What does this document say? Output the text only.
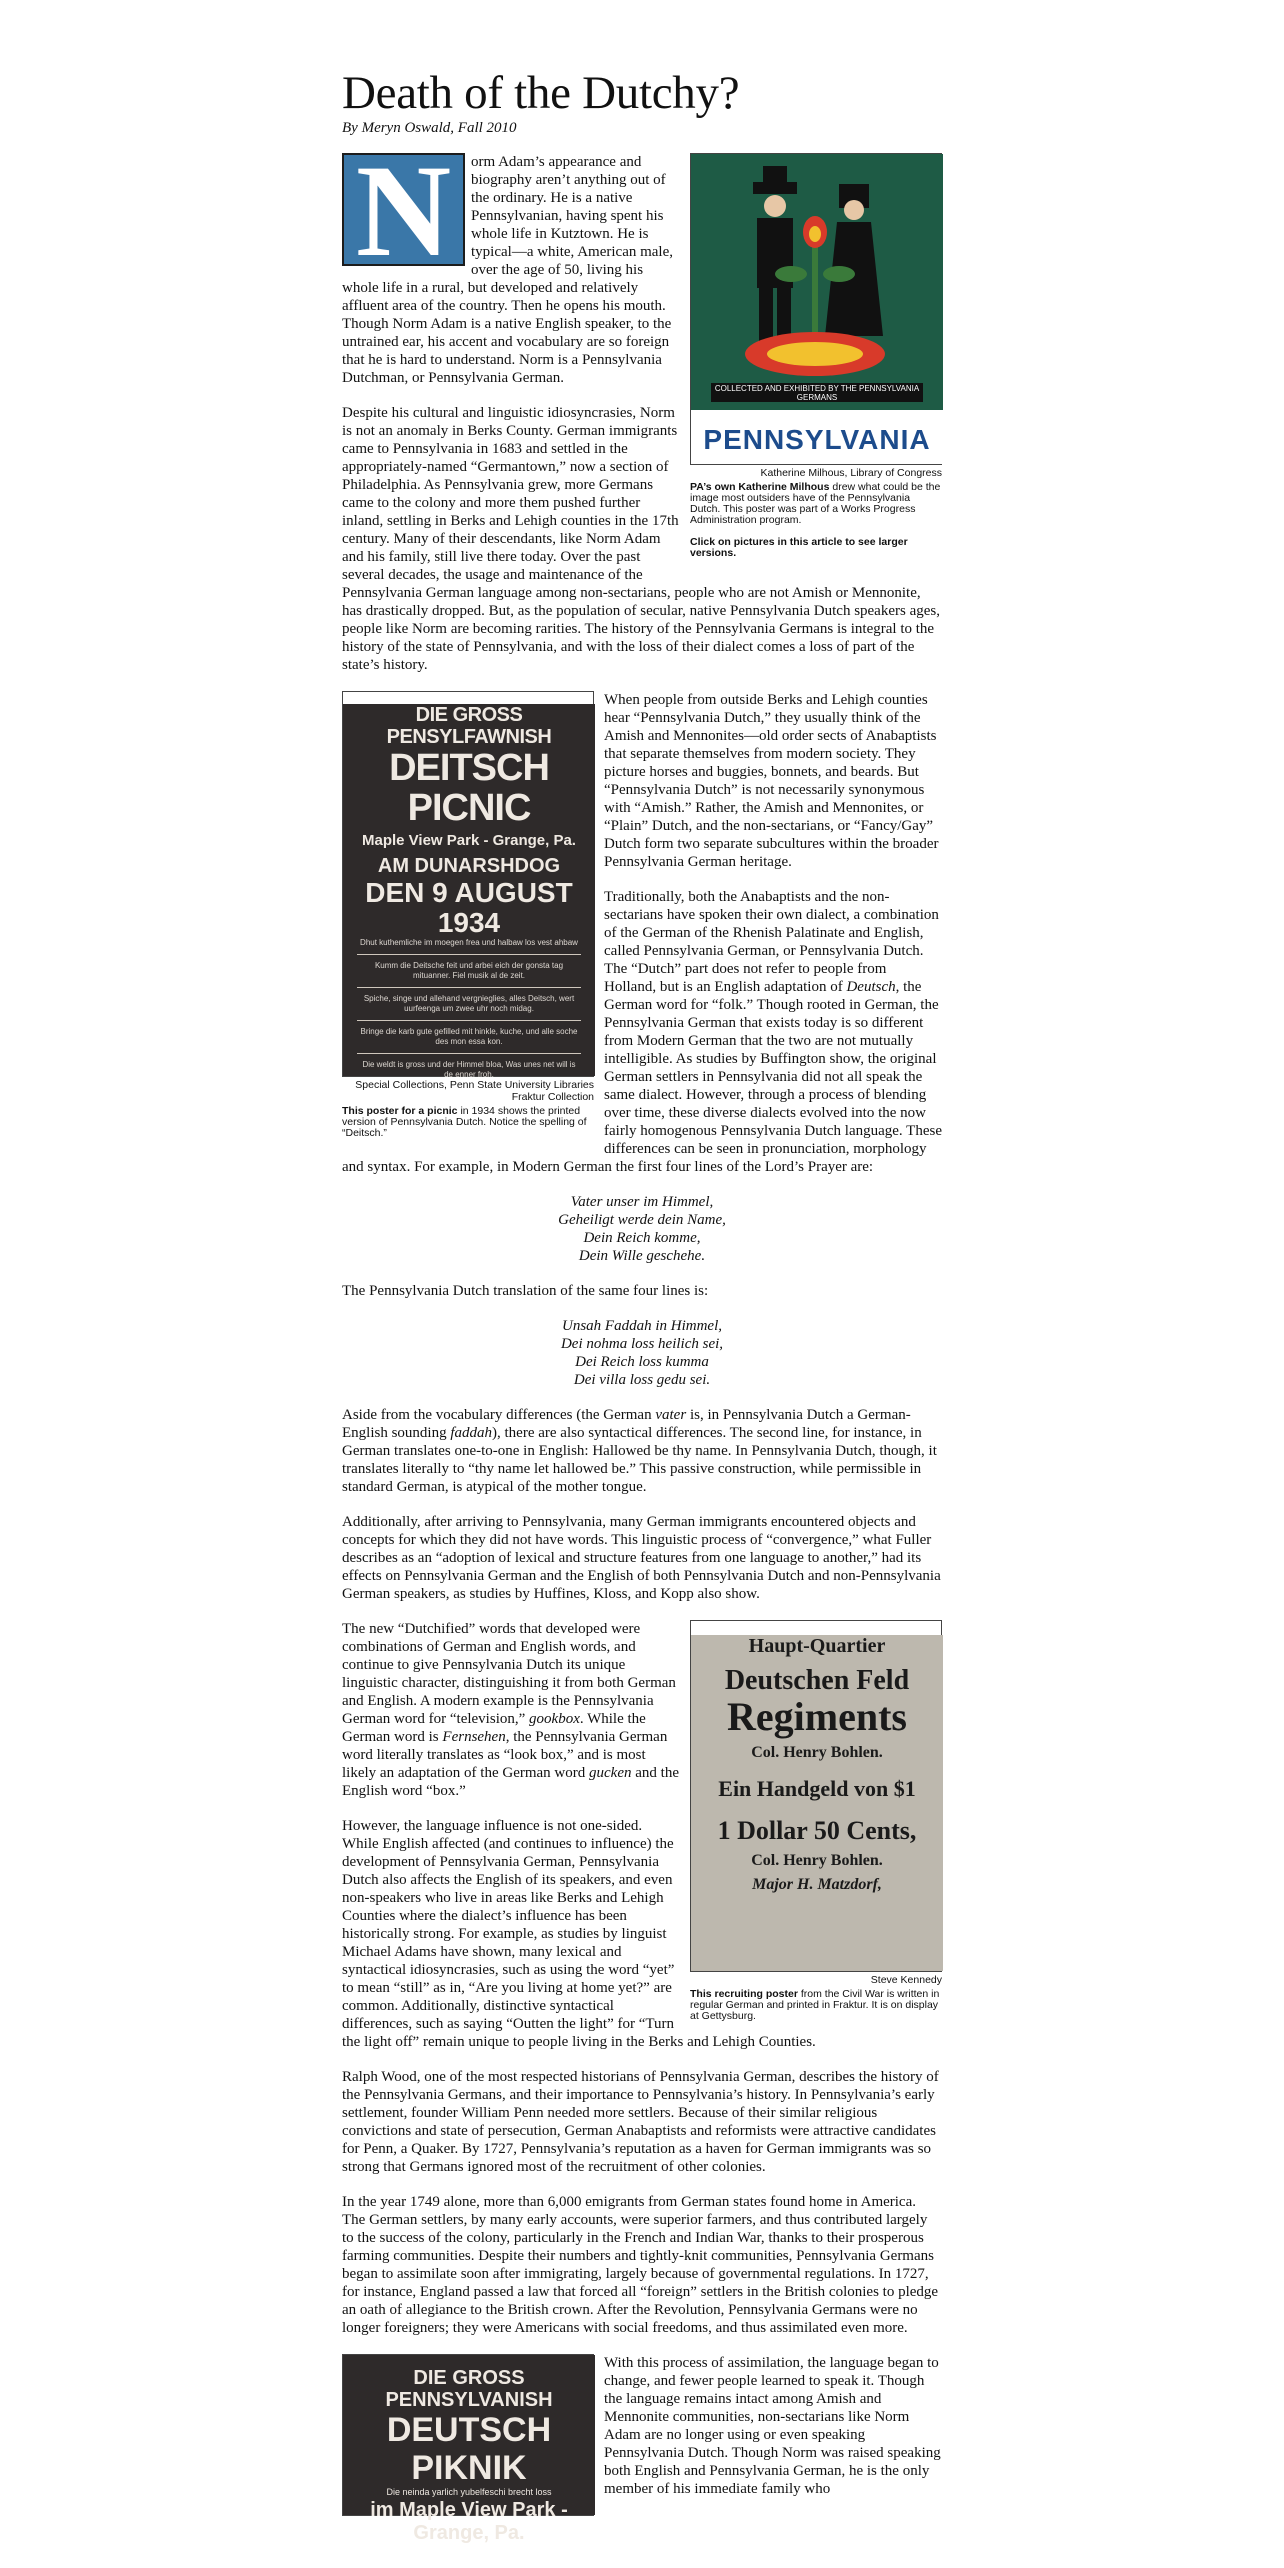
Death of the Dutchy?
By Meryn Oswald, Fall 2010
COLLECTED AND EXHIBITED BY THE PENNSYLVANIA GERMANS
PENNSYLVANIA
Katherine Milhous, Library of Congress
PA’s own Katherine Milhous drew what could be the image most outsiders have of the Pennsylvania Dutch. This poster was part of a Works Progress Administration program.
Click on pictures in this article to see larger versions.
N	orm Adam’s appearance and biography aren’t anything out of the ordinary. He is a native Pennsylvanian, having spent his whole life in Kutztown. He is typical—a white, American male, over the age of 50, living his whole life in a rural, but developed and relatively affluent area of the country. Then he opens his mouth. Though Norm Adam is a native English speaker, to the untrained ear, his accent and vocabulary are so foreign that he is hard to understand. Norm is a Pennsylvania Dutchman, or Pennsylvania German.

Despite his cultural and linguistic idiosyncrasies, Norm is not an anomaly in Berks County. German immigrants came to Pennsylvania in 1683 and settled in the appropriately-named “Germantown,” now a section of Philadelphia. As Pennsylvania grew, more Germans came to the colony and more them pushed further inland, settling in Berks and Lehigh counties in the 17th century. Many of their descendants, like Norm Adam and his family, still live there today. Over the past several decades, the usage and maintenance of the Pennsylvania German language among non-sectarians, people who are not Amish or Mennonite, has drastically dropped. But, as the population of secular, native Pennsylvania Dutch speakers ages, people like Norm are becoming rarities. The history of the Pennsylvania Germans is integral to the history of the state of Pennsylvania, and with the loss of their dialect comes a loss of part of the state’s history.

DIE GROSS PENSYLFAWNISH
DEITSCH PICNIC
Maple View Park - Grange, Pa.
AM DUNARSHDOG
DEN 9 AUGUST 1934
Dhut kuthemliche im moegen frea und halbaw los vest ahbaw
Kumm die Deitsche feit und arbei eich der gonsta tag mituanner. Fiel musik al de zeit.
Spiche, singe und allehand vergnieglies, alles Deitsch, wert uurfeenga um zwee uhr noch midag.
Bringe die karb gute gefilled mit hinkle, kuche, und alle soche des mon essa kon.
Die weldt is gross und der Himmel bloa, Was unes net will is de enner froh.
Special Collections, Penn State University Libraries Fraktur Collection
This poster for a picnic in 1934 shows the printed version of Pennsylvania Dutch. Notice the spelling of “Deitsch.”

When people from outside Berks and Lehigh counties hear “Pennsylvania Dutch,” they usually think of the Amish and Mennonites—old order sects of Anabaptists that separate themselves from modern society. They picture horses and buggies, bonnets, and beards. But “Pennsylvania Dutch” is not necessarily synonymous with “Amish.” Rather, the Amish and Mennonites, or “Plain” Dutch, and the non-sectarians, or “Fancy/Gay” Dutch form two separate subcultures within the broader Pennsylvania German heritage.

Traditionally, both the Anabaptists and the non-sectarians have spoken their own dialect, a combination of the German of the Rhenish Palatinate and English, called Pennsylvania German, or Pennsylvania Dutch. The “Dutch” part does not refer to people from Holland, but is an English adaptation of Deutsch, the German word for “folk.” Though rooted in German, the Pennsylvania German that exists today is so different from Modern German that the two are not mutually intelligible. As studies by Buffington show, the original German settlers in Pennsylvania did not all speak the same dialect. However, through a process of blending over time, these diverse dialects evolved into the now fairly homogenous Pennsylvania Dutch language. These differences can be seen in pronunciation, morphology and syntax. For example, in Modern German the first four lines of the Lord’s Prayer are:

Vater unser im Himmel,
Geheiligt werde dein Name,
Dein Reich komme,
Dein Wille geschehe.

The Pennsylvania Dutch translation of the same four lines is:

Unsah Faddah in Himmel,
Dei nohma loss heilich sei,
Dei Reich loss kumma
Dei villa loss gedu sei.

Aside from the vocabulary differences (the German vater is, in Pennsylvania Dutch a German-English sounding faddah), there are also syntactical differences. The second line, for instance, in German translates one-to-one in English: Hallowed be thy name. In Pennsylvania Dutch, though, it translates literally to “thy name let hallowed be.” This passive construction, while permissible in standard German, is atypical of the mother tongue.

Additionally, after arriving to Pennsylvania, many German immigrants encountered objects and concepts for which they did not have words. This linguistic process of “convergence,” what Fuller describes as an “adoption of lexical and structure features from one language to another,” had its effects on Pennsylvania German and the English of both Pennsylvania Dutch and non-Pennsylvania German speakers, as studies by Huffines, Kloss, and Kopp also show.

Haupt-Quartier
Deutschen Feld
Regiments
Col. Henry Bohlen.
Ein Handgeld von $1
1 Dollar 50 Cents,
Col. Henry Bohlen.
Major H. Matzdorf,
Steve Kennedy
This recruiting poster from the Civil War is written in regular German and printed in Fraktur. It is on display at Gettysburg.

The new “Dutchified” words that developed were combinations of German and English words, and continue to give Pennsylvania Dutch its unique linguistic character, distinguishing it from both German and English. A modern example is the Pennsylvania German word for “television,” gookbox. While the German word is Fernsehen, the Pennsylvania German word literally translates as “look box,” and is most likely an adaptation of the German word gucken and the English word “box.”

However, the language influence is not one-sided. While English affected (and continues to influence) the development of Pennsylvania German, Pennsylvania Dutch also affects the English of its speakers, and even non-speakers who live in areas like Berks and Lehigh Counties where the dialect’s influence has been historically strong. For example, as studies by linguist Michael Adams have shown, many lexical and syntactical idiosyncrasies, such as using the word “yet” to mean “still” as in, “Are you living at home yet?” are common. Additionally, distinctive syntactical differences, such as saying “Outten the light” for “Turn the light off” remain unique to people living in the Berks and Lehigh Counties.

Ralph Wood, one of the most respected historians of Pennsylvania German, describes the history of the Pennsylvania Germans, and their importance to Pennsylvania’s history. In Pennsylvania’s early settlement, founder William Penn needed more settlers. Because of their similar religious convictions and state of persecution, German Anabaptists and reformists were attractive candidates for Penn, a Quaker. By 1727, Pennsylvania’s reputation as a haven for German immigrants was so strong that Germans ignored most of the recruitment of other colonies.

In the year 1749 alone, more than 6,000 emigrants from German states found home in America. The German settlers, by many early accounts, were superior farmers, and thus contributed largely to the success of the colony, particularly in the French and Indian War, thanks to their prosperous farming communities. Despite their numbers and tightly-knit communities, Pennsylvania Germans began to assimilate soon after immigrating, largely because of governmental regulations. In 1727, for instance, England passed a law that forced all “foreign” settlers in the British colonies to pledge an oath of allegiance to the British crown. After the Revolution, Pennsylvania Germans were no longer foreigners; they were Americans with social freedoms, and thus assimilated even more.

DIE GROSS PENNSYLVANISH
DEUTSCH PIKNIK
Die neinda yarlich yubelfeschi brecht loss
im Maple View Park - Grange, Pa.

With this process of assimilation, the language began to change, and fewer people learned to speak it. Though the language remains intact among Amish and Mennonite communities, non-sectarians like Norm Adam are no longer using or even speaking Pennsylvania Dutch. Though Norm was raised speaking both English and Pennsylvania German, he is the only member of his immediate family who
